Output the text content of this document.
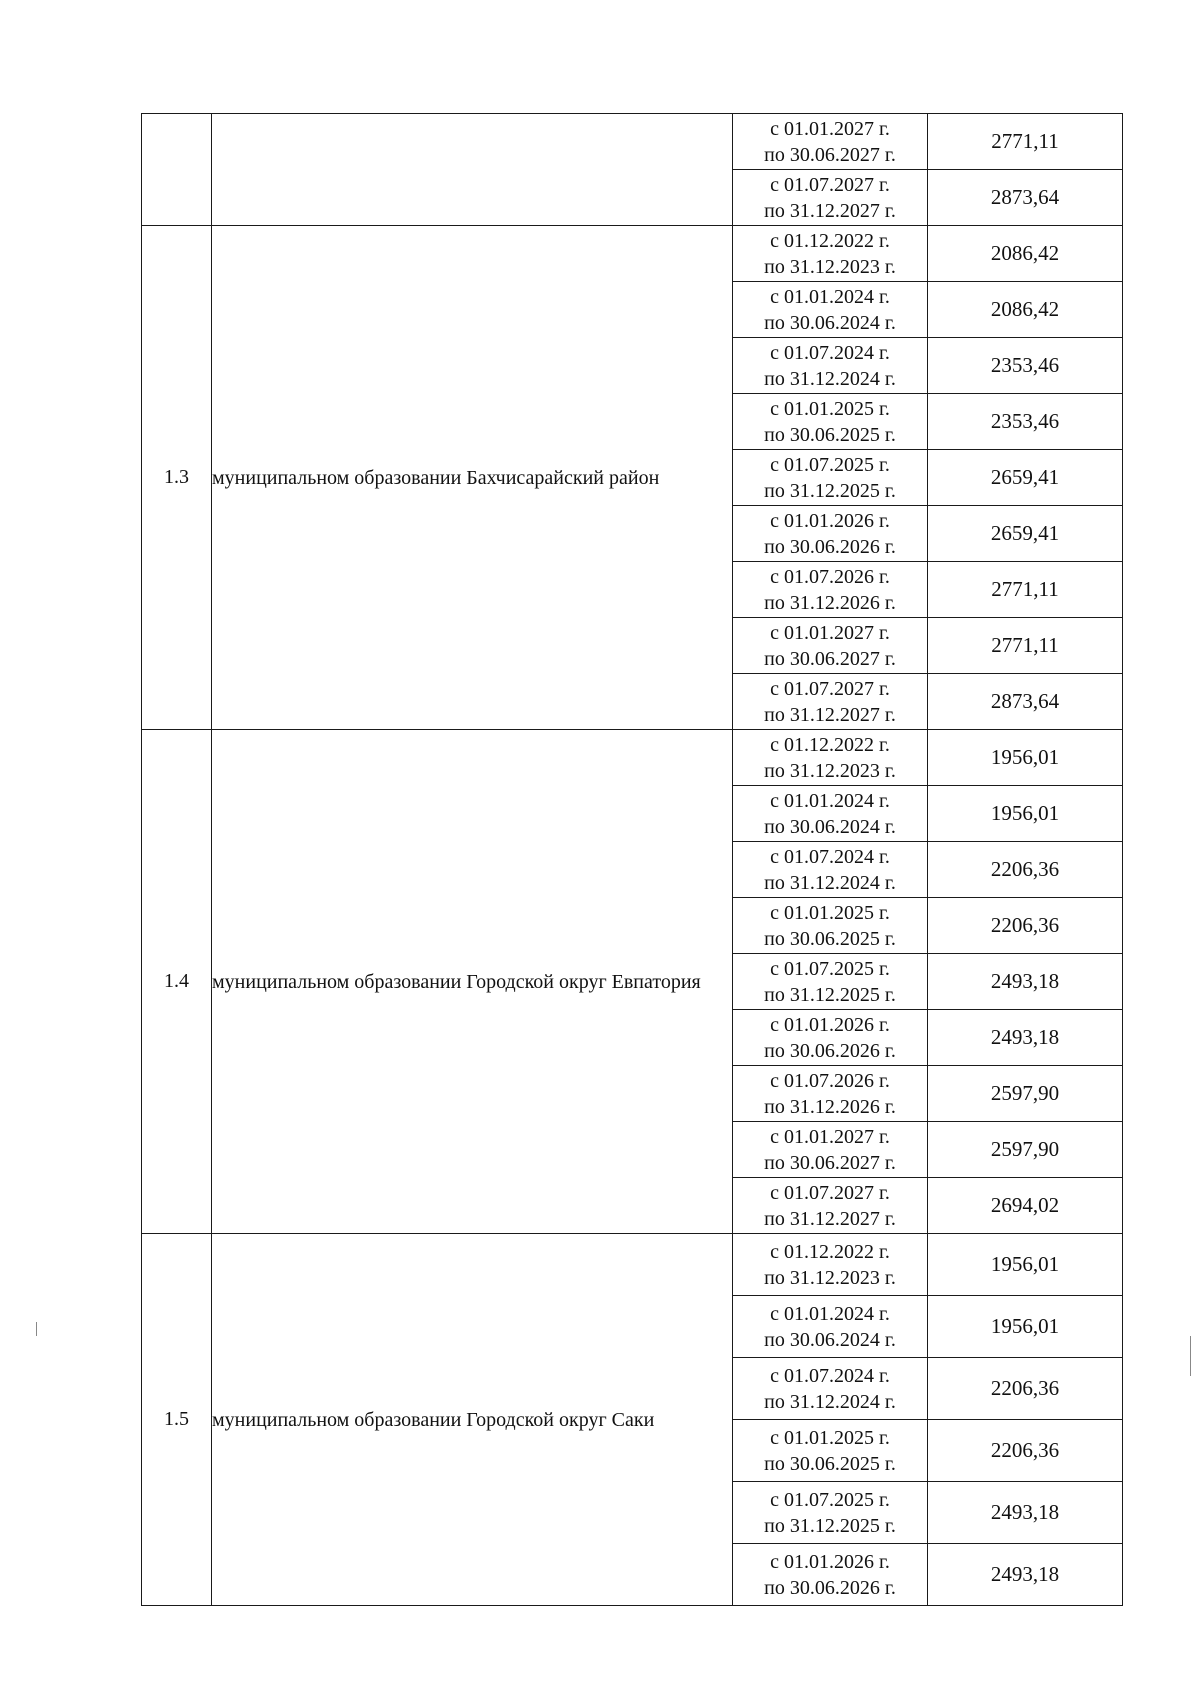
		с 01.01.2027 г.
по 30.06.2027 г.	2771,11

		с 01.07.2027 г.
по 31.12.2027 г.	2873,64
1.3	муниципальном образовании Бахчисарайский район	с 01.12.2022 г.
по 31.12.2023 г.	2086,42

		с 01.01.2024 г.
по 30.06.2024 г.	2086,42

		с 01.07.2024 г.
по 31.12.2024 г.	2353,46

		с 01.01.2025 г.
по 30.06.2025 г.	2353,46

		с 01.07.2025 г.
по 31.12.2025 г.	2659,41

		с 01.01.2026 г.
по 30.06.2026 г.	2659,41

		с 01.07.2026 г.
по 31.12.2026 г.	2771,11

		с 01.01.2027 г.
по 30.06.2027 г.	2771,11

		с 01.07.2027 г.
по 31.12.2027 г.	2873,64
1.4	муниципальном образовании Городской округ Евпатория	с 01.12.2022 г.
по 31.12.2023 г.	1956,01

		с 01.01.2024 г.
по 30.06.2024 г.	1956,01

		с 01.07.2024 г.
по 31.12.2024 г.	2206,36

		с 01.01.2025 г.
по 30.06.2025 г.	2206,36

		с 01.07.2025 г.
по 31.12.2025 г.	2493,18

		с 01.01.2026 г.
по 30.06.2026 г.	2493,18

		с 01.07.2026 г.
по 31.12.2026 г.	2597,90

		с 01.01.2027 г.
по 30.06.2027 г.	2597,90

		с 01.07.2027 г.
по 31.12.2027 г.	2694,02
1.5	муниципальном образовании Городской округ Саки	с 01.12.2022 г.
по 31.12.2023 г.	1956,01

		с 01.01.2024 г.
по 30.06.2024 г.	1956,01

		с 01.07.2024 г.
по 31.12.2024 г.	2206,36

		с 01.01.2025 г.
по 30.06.2025 г.	2206,36

		с 01.07.2025 г.
по 31.12.2025 г.	2493,18

		с 01.01.2026 г.
по 30.06.2026 г.	2493,18
